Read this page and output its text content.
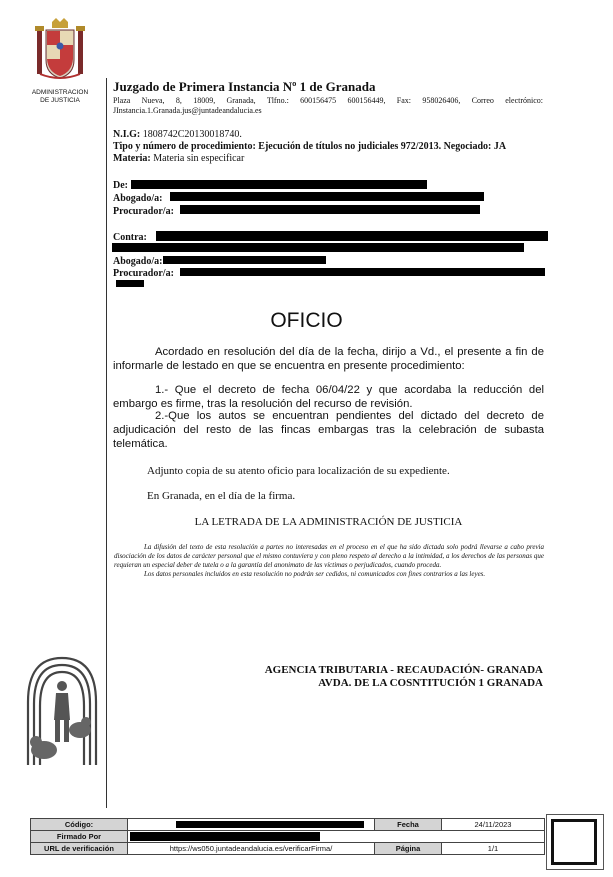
ADMINISTRACION DE JUSTICIA
Juzgado de Primera Instancia Nº 1 de Granada
Plaza Nueva, 8, 18009, Granada, Tlfno.: 600156475 600156449, Fax: 958026406, Correo electrónico: JInstancia.1.Granada.jus@juntadeandalucia.es
N.I.G: 1808742C20130018740.
Tipo y número de procedimiento: Ejecución de títulos no judiciales 972/2013. Negociado: JA
Materia: Materia sin especificar
De:
Abogado/a:
Procurador/a:
Contra:
Abogado/a:
Procurador/a:
OFICIO
Acordado en resolución del día de la fecha, dirijo a Vd., el presente a fin de informarle de lestado en que se encuentra en presente procedimiento:
1.- Que el decreto de fecha 06/04/22 y que acordaba la reducción del embargo es firme, tras la resolución del recurso de revisión.
2.-Que los autos se encuentran pendientes del dictado del decreto de adjudicación del resto de las fincas embargas tras la celebración de subasta telemática.
Adjunto copia de su atento oficio para localización de su expediente.
En Granada, en el día de la firma.
LA LETRADA DE LA ADMINISTRACIÓN DE JUSTICIA
La difusión del texto de esta resolución a partes no interesadas en el proceso en el que ha sido dictada solo podrá llevarse a cabo previa disociación de los datos de carácter personal que el mismo contuviera y con pleno respeto al derecho a la intimidad, a los derechos de las personas que requieran un especial deber de tutela o a la garantía del anonimato de las víctimas o perjudicados, cuando proceda.
Los datos personales incluidos en esta resolución no podrán ser cedidos, ni comunicados con fines contrarios a las leyes.
AGENCIA TRIBUTARIA - RECAUDACIÓN- GRANADA
AVDA. DE LA COSNTITUCIÓN 1 GRANADA
Código:		Fecha	24/11/2023
Firmado Por			

URL de verificación	https://ws050.juntadeandalucia.es/verificarFirma/	Página	1/1
